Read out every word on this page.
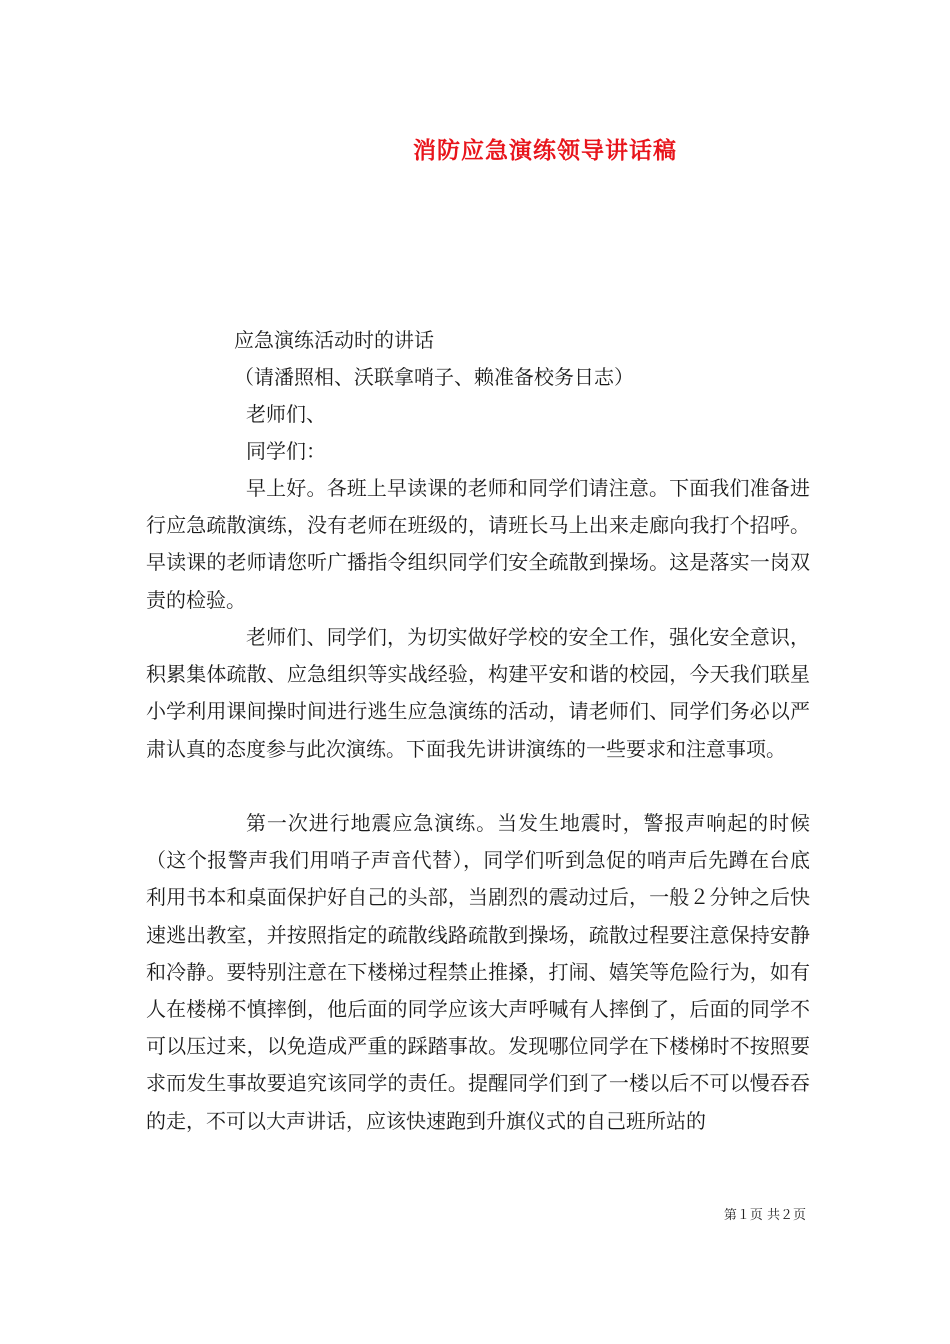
消防应急演练领导讲话稿
应急演练活动时的讲话
（请潘照相、沃联拿哨子、赖准备校务日志）
老师们、
同学们：
早上好。各班上早读课的老师和同学们请注意。下面我们准备进行应急疏散演练，没有老师在班级的，请班长马上出来走廊向我打个招呼。早读课的老师请您听广播指令组织同学们安全疏散到操场。这是落实一岗双责的检验。
老师们、同学们，为切实做好学校的安全工作，强化安全意识，积累集体疏散、应急组织等实战经验，构建平安和谐的校园，今天我们联星小学利用课间操时间进行逃生应急演练的活动，请老师们、同学们务必以严肃认真的态度参与此次演练。下面我先讲讲演练的一些要求和注意事项。
第一次进行地震应急演练。当发生地震时，警报声响起的时候（这个报警声我们用哨子声音代替），同学们听到急促的哨声后先蹲在台底利用书本和桌面保护好自己的头部，当剧烈的震动过后，一般２分钟之后快速逃出教室，并按照指定的疏散线路疏散到操场，疏散过程要注意保持安静和冷静。要特别注意在下楼梯过程禁止推搡，打闹、嬉笑等危险行为，如有人在楼梯不慎摔倒，他后面的同学应该大声呼喊有人摔倒了，后面的同学不可以压过来，以免造成严重的踩踏事故。发现哪位同学在下楼梯时不按照要求而发生事故要追究该同学的责任。提醒同学们到了一楼以后不可以慢吞吞的走，不可以大声讲话，应该快速跑到升旗仪式的自己班所站的
第１页 共２页
